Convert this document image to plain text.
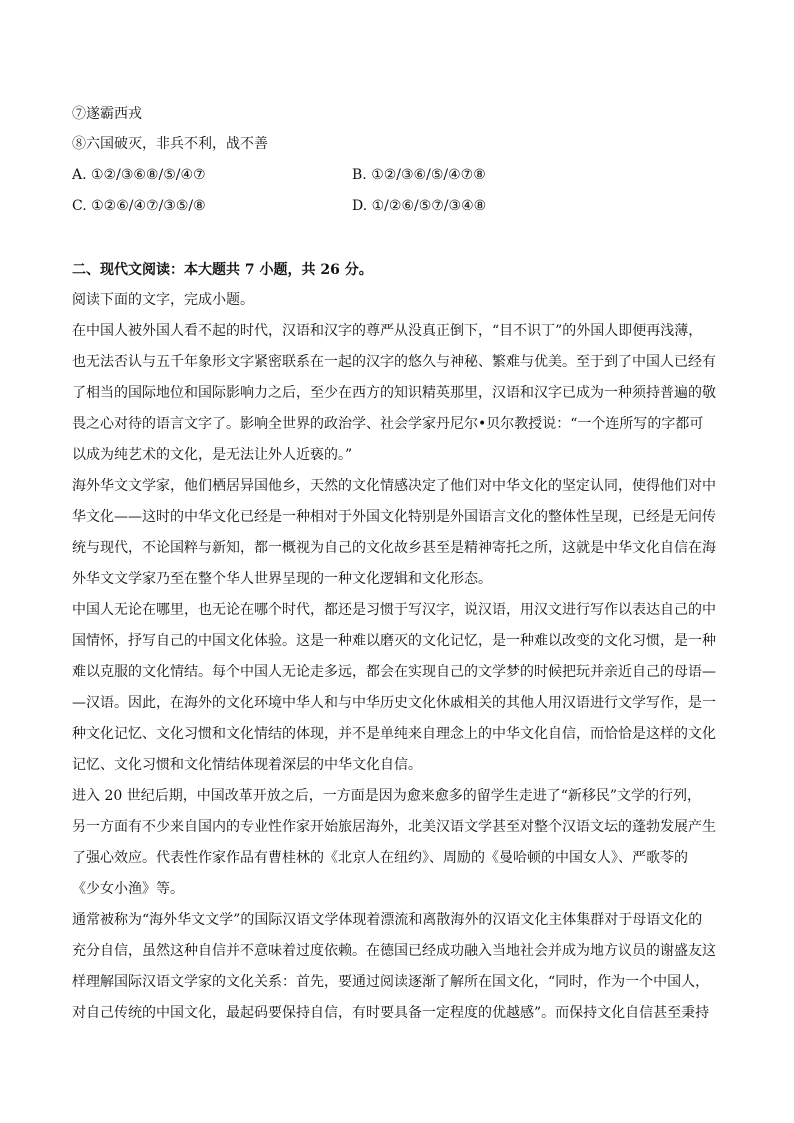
⑦遂霸西戎
⑧六国破灭，非兵不利，战不善
A. ①②/③⑥⑧/⑤/④⑦	B. ①②/③⑥/⑤/④⑦⑧
C. ①②⑥/④⑦/③⑤/⑧	D. ①/②⑥/⑤⑦/③④⑧
二、现代文阅读：本大题共 7 小题，共 26 分。
阅读下面的文字，完成小题。
在中国人被外国人看不起的时代，汉语和汉字的尊严从没真正倒下，“目不识丁”的外国人即便再浅薄，
也无法否认与五千年象形文字紧密联系在一起的汉字的悠久与神秘、繁难与优美。至于到了中国人已经有
了相当的国际地位和国际影响力之后，至少在西方的知识精英那里，汉语和汉字已成为一种须持普遍的敬
畏之心对待的语言文字了。影响全世界的政治学、社会学家丹尼尔•贝尔教授说：“一个连所写的字都可
以成为纯艺术的文化，是无法让外人近亵的。”
海外华文文学家，他们栖居异国他乡，天然的文化情感决定了他们对中华文化的坚定认同，使得他们对中
华文化——这时的中华文化已经是一种相对于外国文化特别是外国语言文化的整体性呈现，已经是无问传
统与现代，不论国粹与新知，都一概视为自己的文化故乡甚至是精神寄托之所，这就是中华文化自信在海
外华文文学家乃至在整个华人世界呈现的一种文化逻辑和文化形态。
中国人无论在哪里，也无论在哪个时代，都还是习惯于写汉字，说汉语，用汉文进行写作以表达自己的中
国情怀，抒写自己的中国文化体验。这是一种难以磨灭的文化记忆，是一种难以改变的文化习惯，是一种
难以克服的文化情结。每个中国人无论走多远，都会在实现自己的文学梦的时候把玩并亲近自己的母语—
—汉语。因此，在海外的文化环境中华人和与中华历史文化休戚相关的其他人用汉语进行文学写作，是一
种文化记忆、文化习惯和文化情结的体现，并不是单纯来自理念上的中华文化自信，而恰恰是这样的文化
记忆、文化习惯和文化情结体现着深层的中华文化自信。
进入 20 世纪后期，中国改革开放之后，一方面是因为愈来愈多的留学生走进了“新移民”文学的行列，
另一方面有不少来自国内的专业性作家开始旅居海外，北美汉语文学甚至对整个汉语文坛的蓬勃发展产生
了强心效应。代表性作家作品有曹桂林的《北京人在纽约》、周励的《曼哈顿的中国女人》、严歌苓的
《少女小渔》等。
通常被称为“海外华文文学”的国际汉语文学体现着漂流和离散海外的汉语文化主体集群对于母语文化的
充分自信，虽然这种自信并不意味着过度依赖。在德国已经成功融入当地社会并成为地方议员的谢盛友这
样理解国际汉语文学家的文化关系：首先，要通过阅读逐渐了解所在国文化，“同时，作为一个中国人，
对自己传统的中国文化，最起码要保持自信，有时要具备一定程度的优越感”。而保持文化自信甚至秉持
